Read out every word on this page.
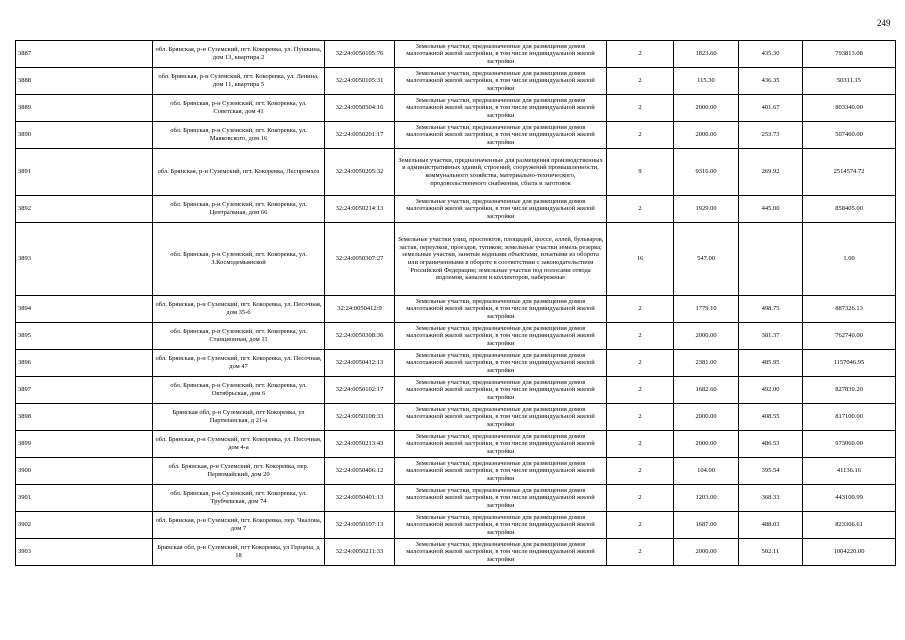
249
3887	обл. Брянская, р-н Суземский, пгт. Кокоревка, ул. Пушкина, дом 13, квартира 2	32:24:0050105:76	Земельные участки, предназначенные для размещения домов малоэтажной жилой застройки, в том числе индивидуальной жилой застройки	2	1823.60	435.30	793813.08
3888	обл. Брянская, р-н Суземский, пгт. Кокоревка, ул. Ленина, дом 11, квартира 5	32:24:0050105:31	Земельные участки, предназначенные для размещения домов малоэтажной жилой застройки, в том числе индивидуальной жилой застройки	2	115.30	436.35	50311.15
3889	обл. Брянская, р-н Суземский, пгт. Кокоревка, ул. Советская, дом 41	32:24:0050504:16	Земельные участки, предназначенные для размещения домов малоэтажной жилой застройки, в том числе индивидуальной жилой застройки	2	2000.00	401.67	803340.00
3890	обл. Брянская, р-н Суземский, пгт. Кокоревка, ул. Маяковского, дом 16	32:24:0050201:17	Земельные участки, предназначенные для размещения домов малоэтажной жилой застройки, в том числе индивидуальной жилой застройки	2	2000.00	253.73	507460.00
3891	обл. Брянская, р-н Суземский, пгт. Кокоревка, Леспромхоз	32:24:0050205:32	Земельные участки, предназначенные для размещения производственных и административных зданий, строений, сооружений промышленности, коммунального хозяйства, материально-технического, продовольственного снабжения, сбыта и заготовок	9	9316.00	269.92	2514574.72
3892	обл. Брянская, р-н Суземский, пгт. Кокоревка, ул. Центральная, дом 66	32:24:0050214:13	Земельные участки, предназначенные для размещения домов малоэтажной жилой застройки, в том числе индивидуальной жилой застройки	2	1929.00	445.00	858405.00
3893	обл. Брянская, р-н Суземский, пгт. Кокоревка, ул. З.Космодемьянской	32:24:0050307:27	Земельные участки улиц, проспектов, площадей, шоссе, аллей, бульваров, застав, переулков, проездов, тупиков; земельные участки земель резерва; земельные участки, занятые водными объектами, изъятыми из оборота или ограниченными в обороте в соответствии с законодательством Российской Федерации; земельные участки под полосами отвода водоемов, каналов и коллекторов, набережные	16	547.00		1.00
3894	обл. Брянская, р-н Суземский, пгт. Кокоревка, ул. Песочная, дом 35-б	32:24:0050412:9	Земельные участки, предназначенные для размещения домов малоэтажной жилой застройки, в том числе индивидуальной жилой застройки	2	1779.10	498.75	887326.13
3895	обл. Брянская, р-н Суземский, пгт. Кокоревка, ул. Станционная, дом 11	32:24:0050308:36	Земельные участки, предназначенные для размещения домов малоэтажной жилой застройки, в том числе индивидуальной жилой застройки	2	2000.00	381.37	762740.00
3896	обл. Брянская, р-н Суземский, пгт. Кокоревка, ул. Песочная, дом 47	32:24:0050412:13	Земельные участки, предназначенные для размещения домов малоэтажной жилой застройки, в том числе индивидуальной жилой застройки	2	2381.00	485.95	1157046.95
3897	обл. Брянская, р-н Суземский, пгт. Кокоревка, ул. Октябрьская, дом 6	32:24:0050102:17	Земельные участки, предназначенные для размещения домов малоэтажной жилой застройки, в том числе индивидуальной жилой застройки	2	1682.60	492.00	827839.20
3898	Брянская обл, р-н Суземский, пгт Кокоревка, ул Партизанская, д 21-а	32:24:0050108:33	Земельные участки, предназначенные для размещения домов малоэтажной жилой застройки, в том числе индивидуальной жилой застройки	2	2000.00	408.55	817100.00
3899	обл. Брянская, р-н Суземский, пгт. Кокоревка, ул. Песочная, дом 4-а	32:24:0050213:43	Земельные участки, предназначенные для размещения домов малоэтажной жилой застройки, в том числе индивидуальной жилой застройки	2	2000.00	486.53	973060.00
3900	обл. Брянская, р-н Суземский, пгт. Кокоревка, пер. Первомайский, дом 20	32:24:0050406:12	Земельные участки, предназначенные для размещения домов малоэтажной жилой застройки, в том числе индивидуальной жилой застройки	2	104.00	395.54	41136.16
3901	обл. Брянская, р-н Суземский, пгт. Кокоревка, ул. Трубчевская, дом 74	32:24:0050401:13	Земельные участки, предназначенные для размещения домов малоэтажной жилой застройки, в том числе индивидуальной жилой застройки	2	1203.00	368.33	443100.99
3902	обл. Брянская, р-н Суземский, пгт. Кокоревка, пер. Чкалова, дом 7	32:24:0050107:13	Земельные участки, предназначенные для размещения домов малоэтажной жилой застройки, в том числе индивидуальной жилой застройки	2	1687.00	488.03	823306.61
3903	Брянская обл, р-н Суземский, пгт Кокоревка, ул Герцена, д 18	32:24:0050211:33	Земельные участки, предназначенные для размещения домов малоэтажной жилой застройки, в том числе индивидуальной жилой застройки	2	2000.00	502.11	1004220.00
